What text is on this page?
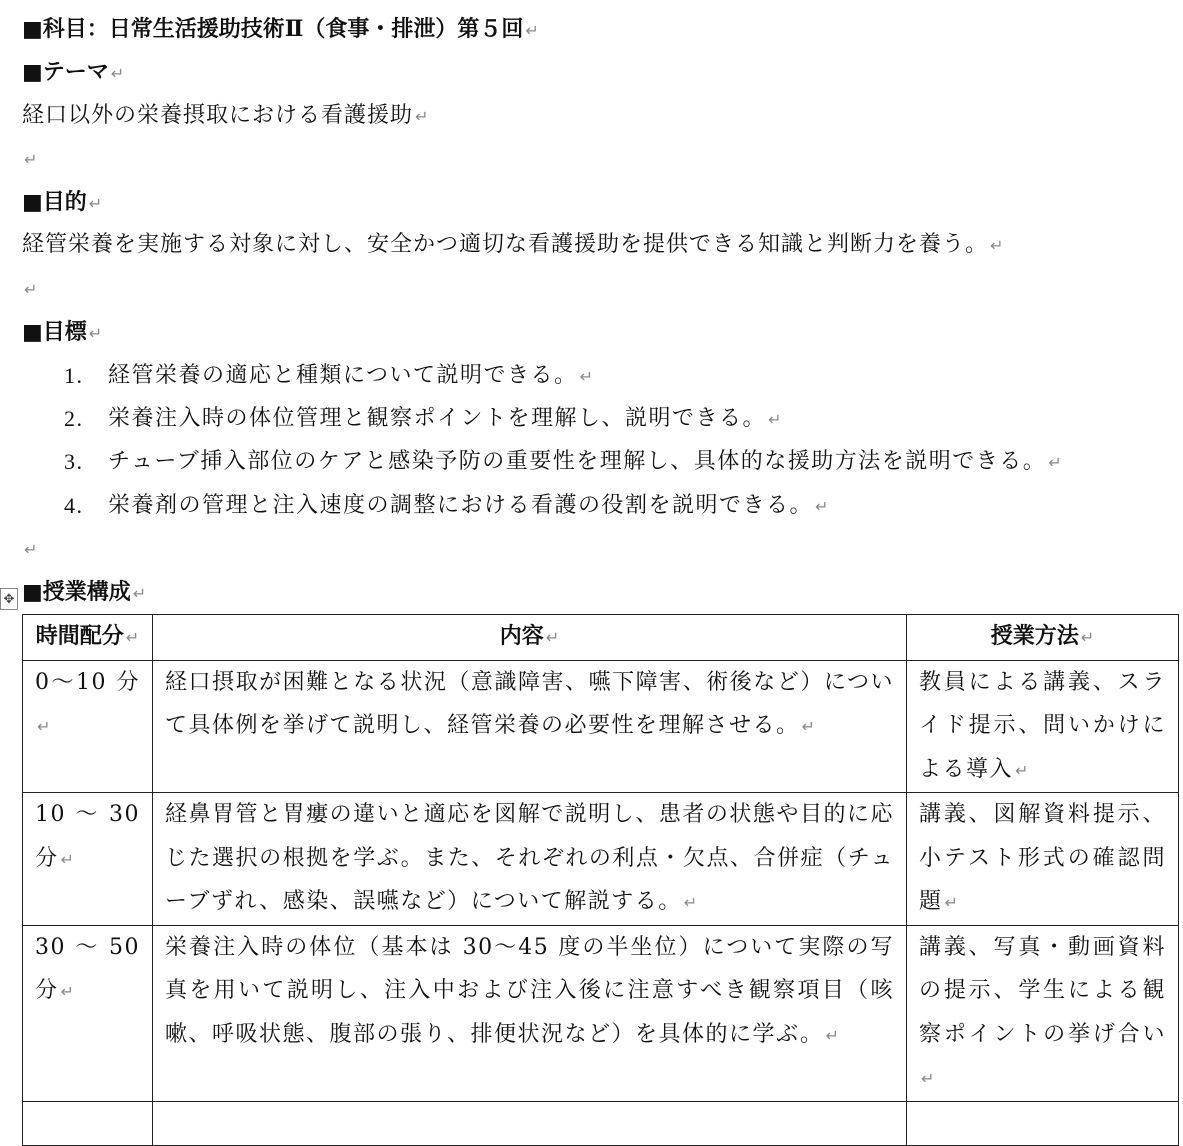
■科目：日常生活援助技術Ⅱ（食事・排泄）第５回 ↵
■テーマ ↵
経口以外の栄養摂取における看護援助 ↵
↵
■目的 ↵
経管栄養を実施する対象に対し、安全かつ適切な看護援助を提供できる知識と判断力を養う。 ↵
↵
■目標 ↵
1. 経管栄養の適応と種類について説明できる。 ↵
2. 栄養注入時の体位管理と観察ポイントを理解し、説明できる。 ↵
3. チューブ挿入部位のケアと感染予防の重要性を理解し、具体的な援助方法を説明できる。 ↵
4. 栄養剤の管理と注入速度の調整における看護の役割を説明できる。 ↵
↵
✥ ■授業構成 ↵
時間配分 ↵	内容 ↵	授業方法 ↵
0〜10 分↵	経口摂取が困難となる状況（意識障害、嚥下障害、術後など）について具体例を挙げて説明し、経管栄養の必要性を理解させる。 ↵	教員による講義、スライド提示、問いかけによる導入 ↵
10 〜 30 分 ↵	経鼻胃管と胃瘻の違いと適応を図解で説明し、患者の状態や目的に応じた選択の根拠を学ぶ。また、それぞれの利点・欠点、合併症（チューブずれ、感染、誤嚥など）について解説する。 ↵	講義、図解資料提示、小テスト形式の確認問題 ↵
30 〜 50 分 ↵	栄養注入時の体位（基本は 30〜45 度の半坐位）について実際の写真を用いて説明し、注入中および注入後に注意すべき観察項目（咳嗽、呼吸状態、腹部の張り、排便状況など）を具体的に学ぶ。 ↵	講義、写真・動画資料の提示、学生による観察ポイントの挙げ合い↵
